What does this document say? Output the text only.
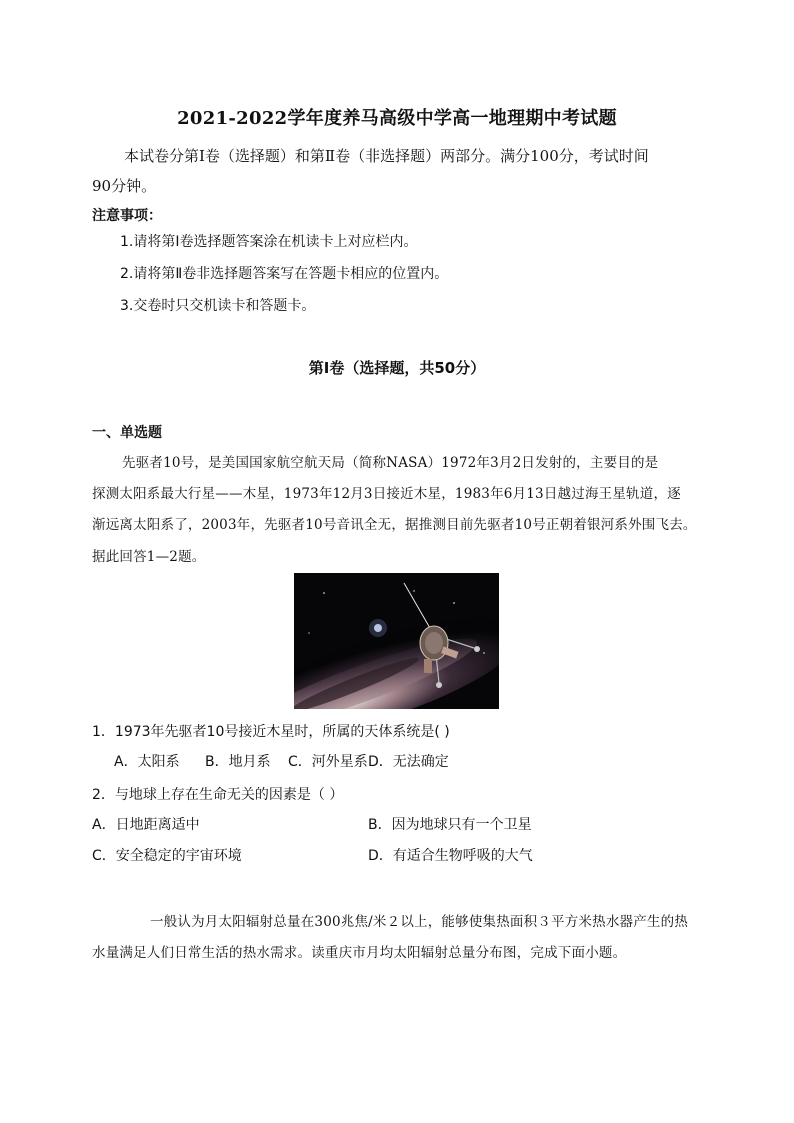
2021-2022学年度养马高级中学高一地理期中考试题
本试卷分第Ⅰ卷（选择题）和第Ⅱ卷（非选择题）两部分。满分100分，考试时间
90分钟。
注意事项：
1.请将第Ⅰ卷选择题答案涂在机读卡上对应栏内。
2.请将第Ⅱ卷非选择题答案写在答题卡相应的位置内。
3.交卷时只交机读卡和答题卡。
第Ⅰ卷（选择题，共50分）
一、单选题
先驱者10号，是美国国家航空航天局（简称NASA）1972年3月2日发射的，主要目的是
探测太阳系最大行星——木星，1973年12月3日接近木星，1983年6月13日越过海王星轨道，逐
渐远离太阳系了，2003年，先驱者10号音讯全无，据推测目前先驱者10号正朝着银河系外围飞去。
据此回答1—2题。
1．1973年先驱者10号接近木星时，所属的天体系统是( )
A．太阳系 B．地月系 C．河外星系 D．无法确定
2．与地球上存在生命无关的因素是（ ）
A．日地距离适中	B．因为地球只有一个卫星
C．安全稳定的宇宙环境	D．有适合生物呼吸的大气
一般认为月太阳辐射总量在300兆焦/米２以上，能够使集热面积３平方米热水器产生的热
水量满足人们日常生活的热水需求。读重庆市月均太阳辐射总量分布图，完成下面小题。
